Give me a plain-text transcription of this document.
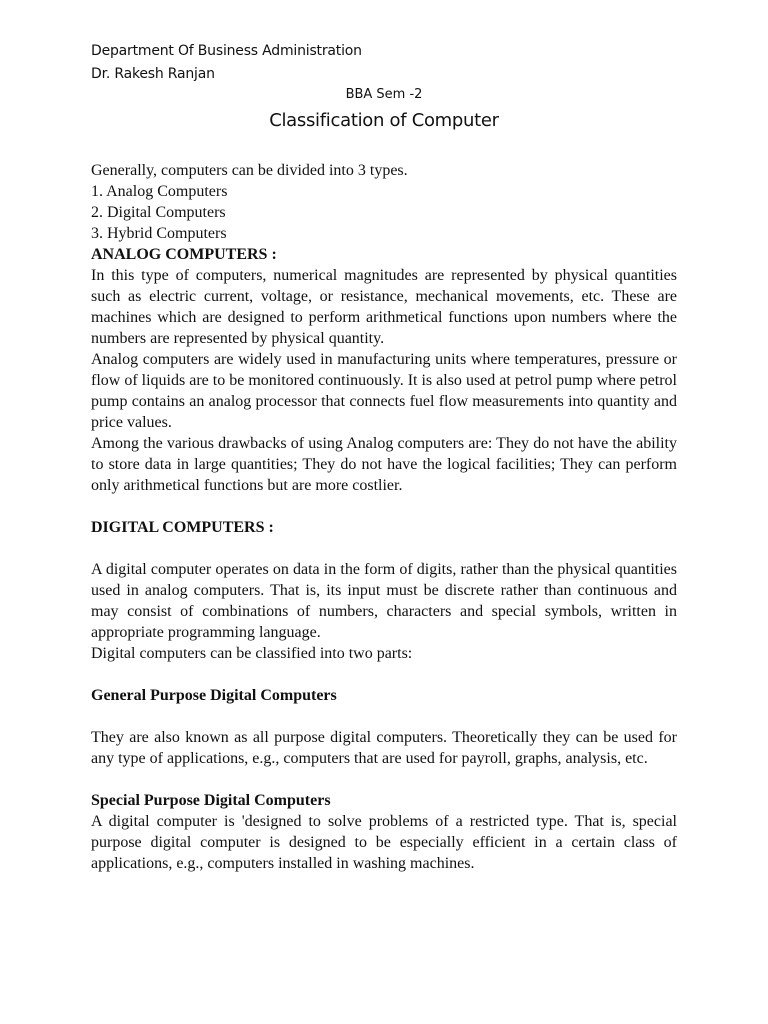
Department Of Business Administration
Dr. Rakesh Ranjan
BBA Sem -2
Classification of Computer

Generally, computers can be divided into 3 types.

1. Analog Computers

2. Digital Computers

3. Hybrid Computers

ANALOG COMPUTERS :

In this type of computers, numerical magnitudes are represented by physical quantities such as electric current, voltage, or resistance, mechanical movements, etc. These are machines which are designed to perform arithmetical functions upon numbers where the numbers are represented by physical quantity.

Analog computers are widely used in manufacturing units where temperatures, pressure or flow of liquids are to be monitored continuously. It is also used at petrol pump where petrol pump contains an analog processor that connects fuel flow measurements into quantity and price values.

Among the various drawbacks of using Analog computers are: They do not have the ability to store data in large quantities; They do not have the logical facilities; They can perform only arithmetical functions but are more costlier.

DIGITAL COMPUTERS :

A digital computer operates on data in the form of digits, rather than the physical quantities used in analog computers. That is, its input must be discrete rather than continuous and may consist of combinations of numbers, characters and special symbols, written in appropriate programming language.

Digital computers can be classified into two parts:

General Purpose Digital Computers

They are also known as all purpose digital computers. Theoretically they can be used for any type of applications, e.g., computers that are used for payroll, graphs, analysis, etc.

Special Purpose Digital Computers

A digital computer is 'designed to solve problems of a restricted type. That is, special purpose digital computer is designed to be especially efficient in a certain class of applications, e.g., computers installed in washing machines.
